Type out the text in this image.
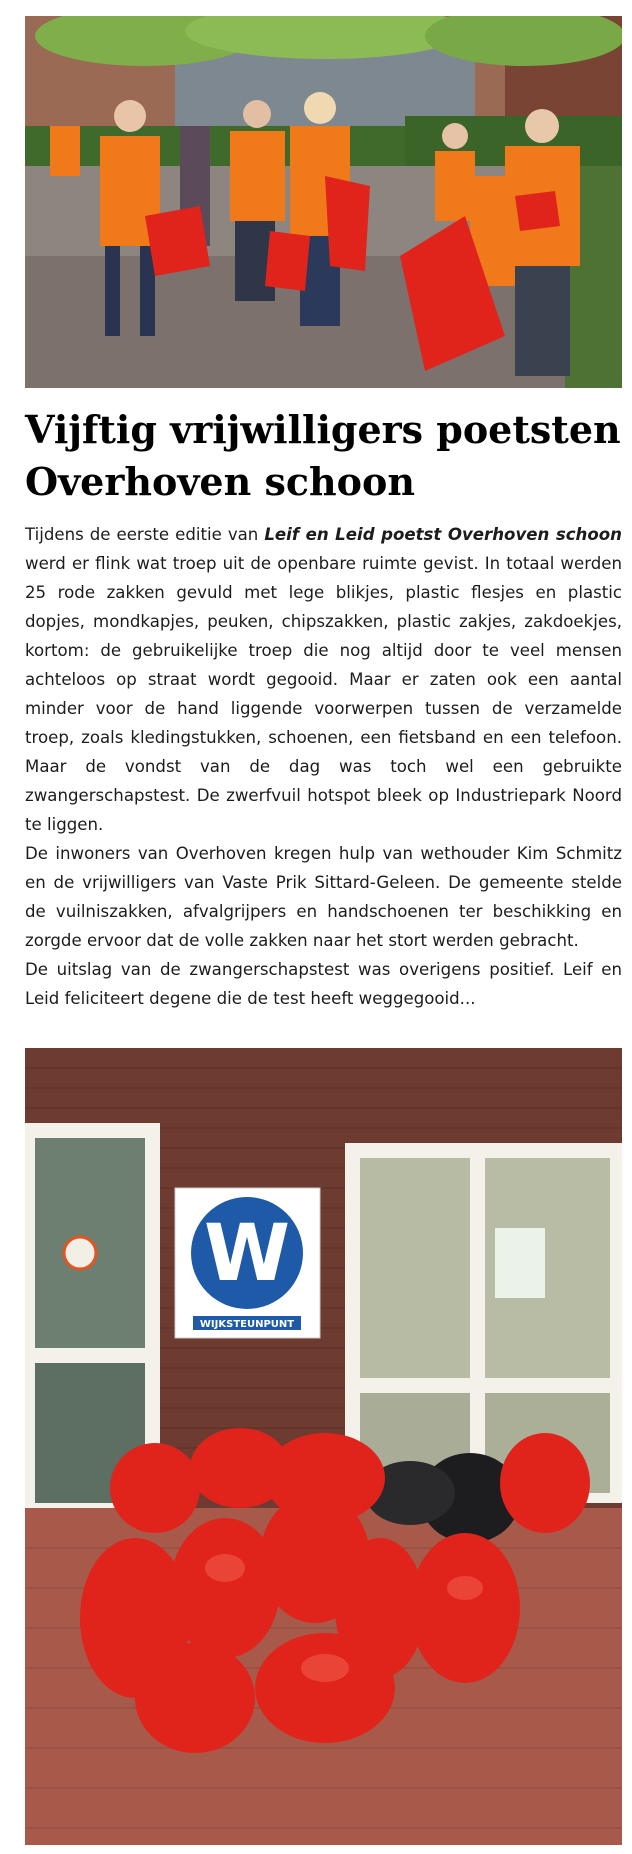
Vijftig vrijwilligers poetsten
Overhoven schoon

Tijdens de eerste editie van Leif en Leid poetst Overhoven schoon werd er flink wat troep uit de openbare ruimte gevist. In totaal werden 25 rode zakken gevuld met lege blikjes, plastic flesjes en plastic dopjes, mondkapjes, peuken, chipszakken, plastic zakjes, zakdoekjes, kortom: de gebruikelijke troep die nog altijd door te veel mensen achteloos op straat wordt gegooid. Maar er zaten ook een aantal minder voor de hand liggende voorwerpen tussen de verzamelde troep, zoals kledingstukken, schoenen, een fietsband en een telefoon. Maar de vondst van de dag was toch wel een gebruikte zwangerschapstest. De zwerfvuil hotspot bleek op Industriepark Noord te liggen.

De inwoners van Overhoven kregen hulp van wethouder Kim Schmitz en de vrijwilligers van Vaste Prik Sittard-Geleen. De gemeente stelde de vuilniszakken, afvalgrijpers en handschoenen ter beschikking en zorgde ervoor dat de volle zakken naar het stort werden gebracht.

De uitslag van de zwangerschapstest was overigens positief. Leif en Leid feliciteert degene die de test heeft weggegooid...

W
WIJKSTEUNPUNT
